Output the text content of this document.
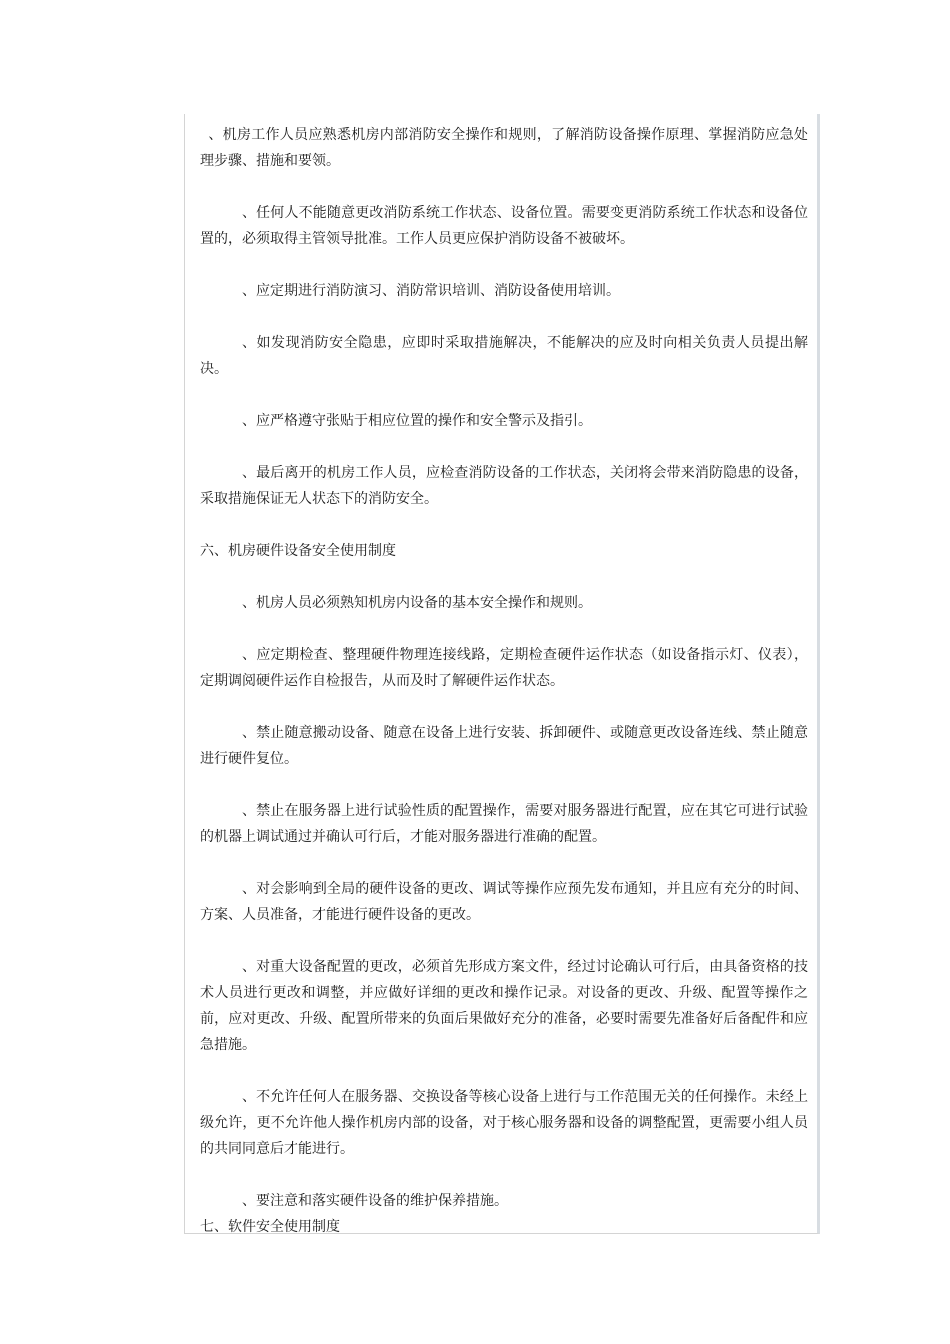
、机房工作人员应熟悉机房内部消防安全操作和规则，了解消防设备操作原理、掌握消防应急处理步骤、措施和要领。

、任何人不能随意更改消防系统工作状态、设备位置。需要变更消防系统工作状态和设备位置的，必须取得主管领导批准。工作人员更应保护消防设备不被破坏。

、应定期进行消防演习、消防常识培训、消防设备使用培训。

、如发现消防安全隐患，应即时采取措施解决，不能解决的应及时向相关负责人员提出解决。

、应严格遵守张贴于相应位置的操作和安全警示及指引。

、最后离开的机房工作人员，应检查消防设备的工作状态，关闭将会带来消防隐患的设备，采取措施保证无人状态下的消防安全。

六、机房硬件设备安全使用制度

、机房人员必须熟知机房内设备的基本安全操作和规则。

、应定期检查、整理硬件物理连接线路，定期检查硬件运作状态（如设备指示灯、仪表），定期调阅硬件运作自检报告，从而及时了解硬件运作状态。

、禁止随意搬动设备、随意在设备上进行安装、拆卸硬件、或随意更改设备连线、禁止随意进行硬件复位。

、禁止在服务器上进行试验性质的配置操作，需要对服务器进行配置，应在其它可进行试验的机器上调试通过并确认可行后，才能对服务器进行准确的配置。

、对会影响到全局的硬件设备的更改、调试等操作应预先发布通知，并且应有充分的时间、方案、人员准备，才能进行硬件设备的更改。

、对重大设备配置的更改，必须首先形成方案文件，经过讨论确认可行后，由具备资格的技术人员进行更改和调整，并应做好详细的更改和操作记录。对设备的更改、升级、配置等操作之前，应对更改、升级、配置所带来的负面后果做好充分的准备，必要时需要先准备好后备配件和应急措施。

、不允许任何人在服务器、交换设备等核心设备上进行与工作范围无关的任何操作。未经上级允许，更不允许他人操作机房内部的设备，对于核心服务器和设备的调整配置，更需要小组人员的共同同意后才能进行。

、要注意和落实硬件设备的维护保养措施。

七、软件安全使用制度
